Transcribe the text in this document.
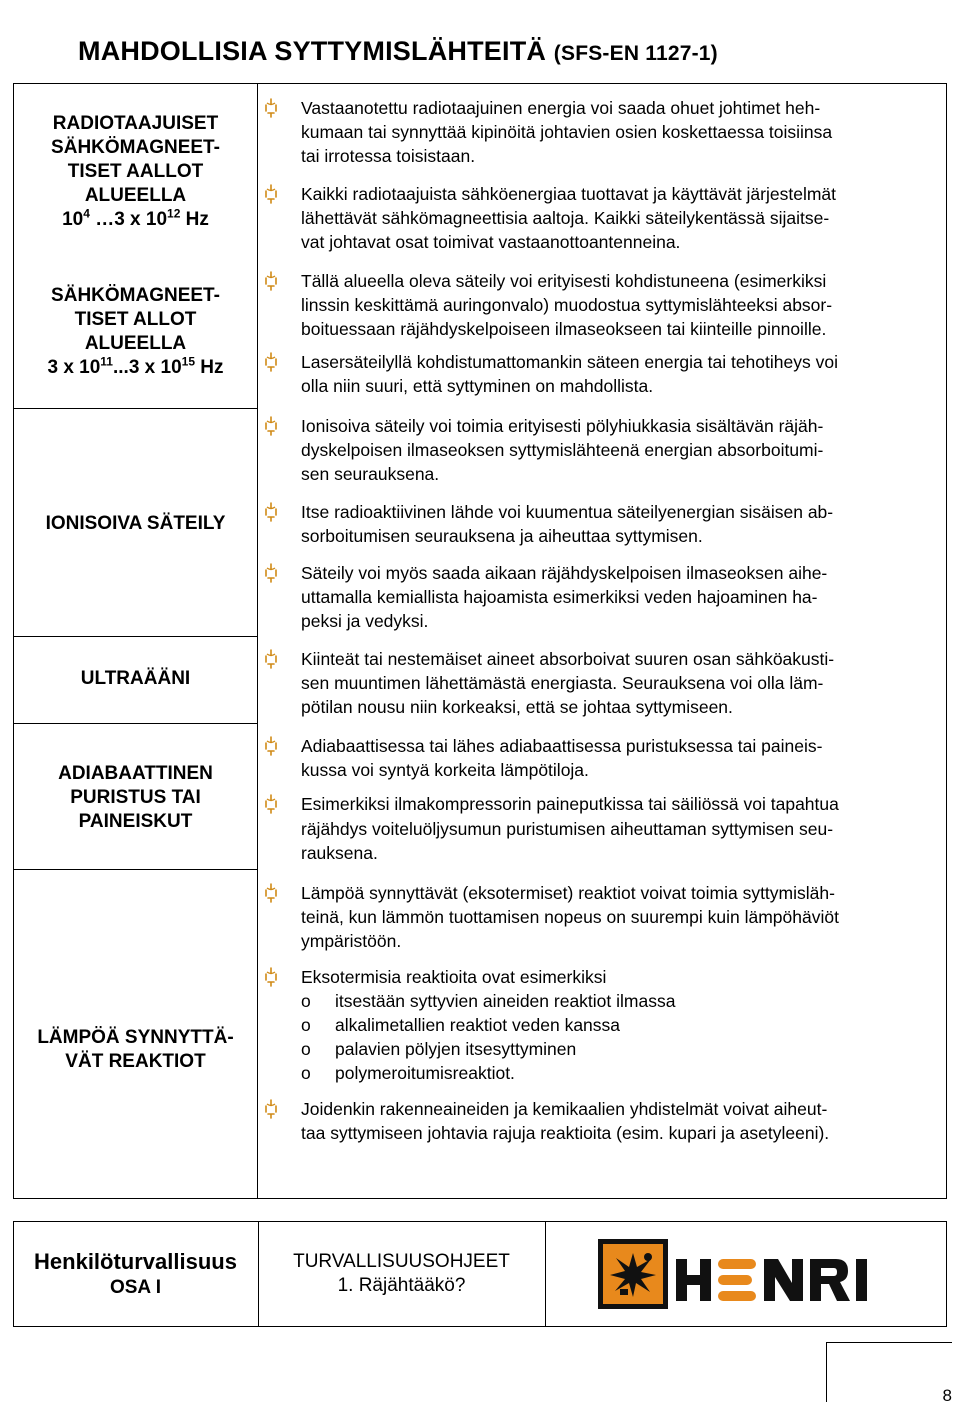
MAHDOLLISIA SYTTYMISLÄHTEITÄ (SFS-EN 1127-1)
RADIOTAAJUISET
SÄHKÖMAGNEET-
TISET AALLOT
ALUEELLA
$10^4$ …3 x $10^{12}$ Hz
SÄHKÖMAGNEET-
TISET ALLOT
ALUEELLA
3 x $10^{11}...3$ x $10^{15}$ Hz
IONISOIVA SÄTEILY
ULTRAÄÄNI
ADIABAATTINEN
PURISTUS TAI
PAINEISKUT
LÄMPÖÄ SYNNYTTÄ-
VÄT REAKTIOT
Vastaanotettu radiotaajuinen energia voi saada ohuet johtimet heh-
kumaan tai synnyttää kipinöitä johtavien osien koskettaessa toisiinsa
tai irrotessa toisistaan.
Kaikki radiotaajuista sähköenergiaa tuottavat ja käyttävät järjestelmät
lähettävät sähkömagneettisia aaltoja. Kaikki säteilykentässä sijaitse-
vat johtavat osat toimivat vastaanottoantenneina.
Tällä alueella oleva säteily voi erityisesti kohdistuneena (esimerkiksi
linssin keskittämä auringonvalo) muodostua syttymislähteeksi absor-
boituessaan räjähdyskelpoiseen ilmaseokseen tai kiinteille pinnoille.
Lasersäteilyllä kohdistumattomankin säteen energia tai tehotiheys voi
olla niin suuri, että syttyminen on mahdollista.
Ionisoiva säteily voi toimia erityisesti pölyhiukkasia sisältävän räjäh-
dyskelpoisen ilmaseoksen syttymislähteenä energian absorboitumi-
sen seurauksena.
Itse radioaktiivinen lähde voi kuumentua säteilyenergian sisäisen ab-
sorboitumisen seurauksena ja aiheuttaa syttymisen.
Säteily voi myös saada aikaan räjähdyskelpoisen ilmaseoksen aihe-
uttamalla kemiallista hajoamista esimerkiksi veden hajoaminen ha-
peksi ja vedyksi.
Kiinteät tai nestemäiset aineet absorboivat suuren osan sähköakusti-
sen muuntimen lähettämästä energiasta. Seurauksena voi olla läm-
pötilan nousu niin korkeaksi, että se johtaa syttymiseen.
Adiabaattisessa tai lähes adiabaattisessa puristuksessa tai paineis-
kussa voi syntyä korkeita lämpötiloja.
Esimerkiksi ilmakompressorin paineputkissa tai säiliössä voi tapahtua
räjähdys voiteluöljysumun puristumisen aiheuttaman syttymisen seu-
rauksena.
Lämpöä synnyttävät (eksotermiset) reaktiot voivat toimia syttymisläh-
teinä, kun lämmön tuottamisen nopeus on suurempi kuin lämpöhäviöt
ympäristöön.
Eksotermisia reaktioita ovat esimerkiksi
o itsestään syttyvien aineiden reaktiot ilmassa
o alkalimetallien reaktiot veden kanssa
o palavien pölyjen itsesyttyminen
o polymeroitumisreaktiot.
Joidenkin rakenneaineiden ja kemikaalien yhdistelmät voivat aiheut-
taa syttymiseen johtavia rajuja reaktioita (esim. kupari ja asetyleeni).
Henkilöturvallisuus
OSA I
TURVALLISUUSOHJEET
1. Räjähtääkö?
8
